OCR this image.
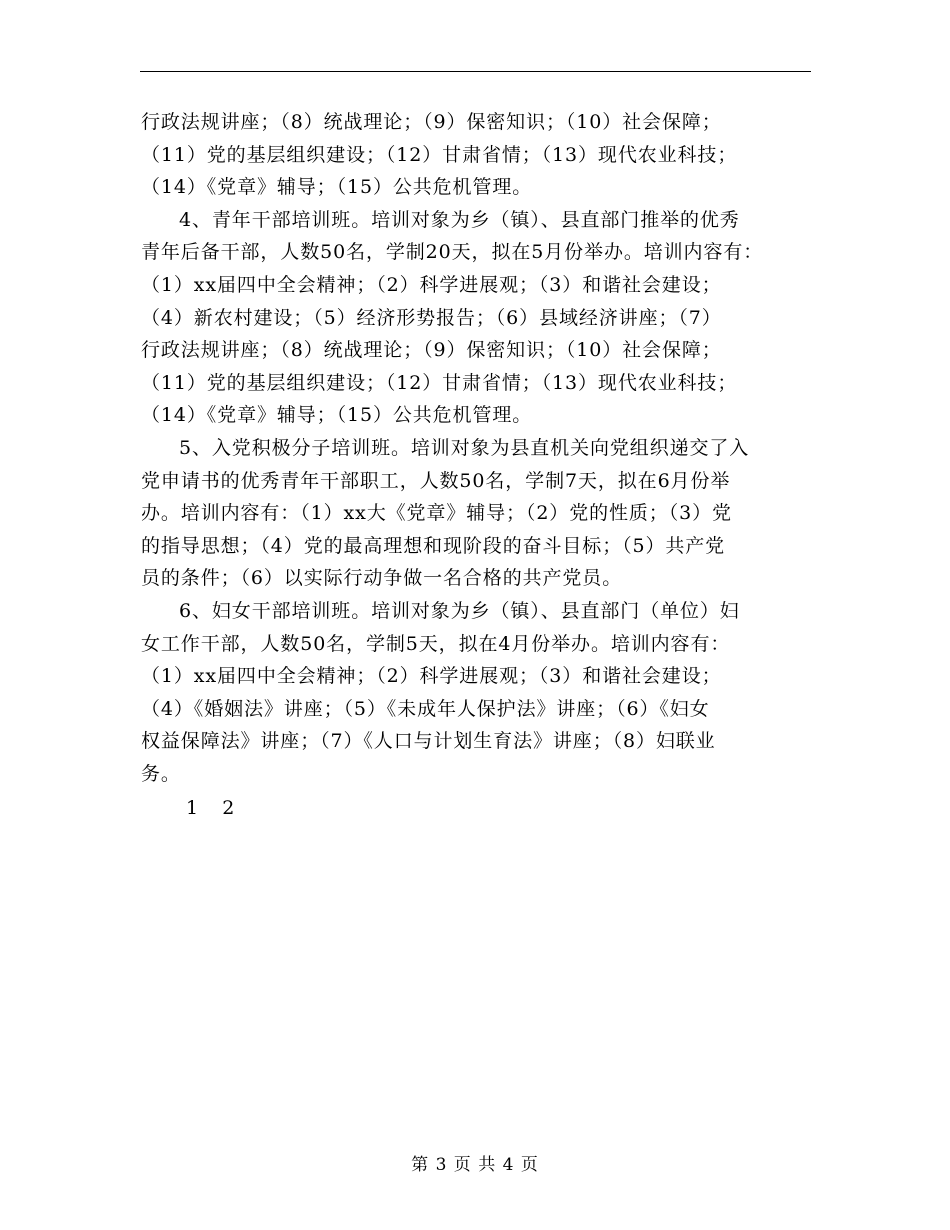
行政法规讲座；（8）统战理论；（9）保密知识；（10）社会保障；
（11）党的基层组织建设；（12）甘肃省情；（13）现代农业科技；
（14）《党章》辅导；（15）公共危机管理。
4、青年干部培训班。培训对象为乡（镇）、县直部门推举的优秀
青年后备干部，人数50名，学制20天，拟在5月份举办。培训内容有：
（1）xx届四中全会精神；（2）科学进展观；（3）和谐社会建设；
（4）新农村建设；（5）经济形势报告；（6）县域经济讲座；（7）
行政法规讲座；（8）统战理论；（9）保密知识；（10）社会保障；
（11）党的基层组织建设；（12）甘肃省情；（13）现代农业科技；
（14）《党章》辅导；（15）公共危机管理。
5、入党积极分子培训班。培训对象为县直机关向党组织递交了入
党申请书的优秀青年干部职工，人数50名，学制7天，拟在6月份举
办。培训内容有：（1）xx大《党章》辅导；（2）党的性质；（3）党
的指导思想；（4）党的最高理想和现阶段的奋斗目标；（5）共产党
员的条件；（6）以实际行动争做一名合格的共产党员。
6、妇女干部培训班。培训对象为乡（镇）、县直部门（单位）妇
女工作干部，人数50名，学制5天，拟在4月份举办。培训内容有：
（1）xx届四中全会精神；（2）科学进展观；（3）和谐社会建设；
（4）《婚姻法》讲座；（5）《未成年人保护法》讲座；（6）《妇女
权益保障法》讲座；（7）《人口与计划生育法》讲座；（8）妇联业
务。
1    2
第 3 页 共 4 页
